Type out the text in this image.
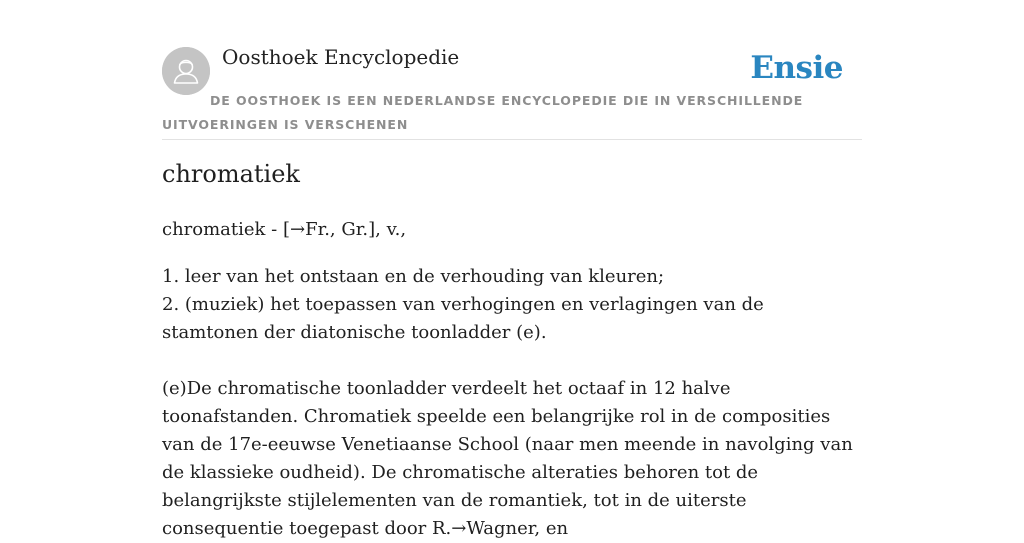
Oosthoek Encyclopedie	Ensie

DE OOSTHOEK IS EEN NEDERLANDSE ENCYCLOPEDIE DIE IN VERSCHILLENDE UITVOERINGEN IS VERSCHENEN

chromatiek

chromatiek - [→Fr., Gr.], v.,

1. leer van het ontstaan en de verhouding van kleuren;
2. (muziek) het toepassen van verhogingen en verlagingen van de stamtonen der diatonische toonladder (e).

(e)De chromatische toonladder verdeelt het octaaf in 12 halve toonafstanden. Chromatiek speelde een belangrijke rol in de composities van de 17e-eeuwse Venetiaanse School (naar men meende in navolging van de klassieke oudheid). De chromatische alteraties behoren tot de belangrijkste stijlelementen van de romantiek, tot in de uiterste consequentie toegepast door R.→Wagner, en
